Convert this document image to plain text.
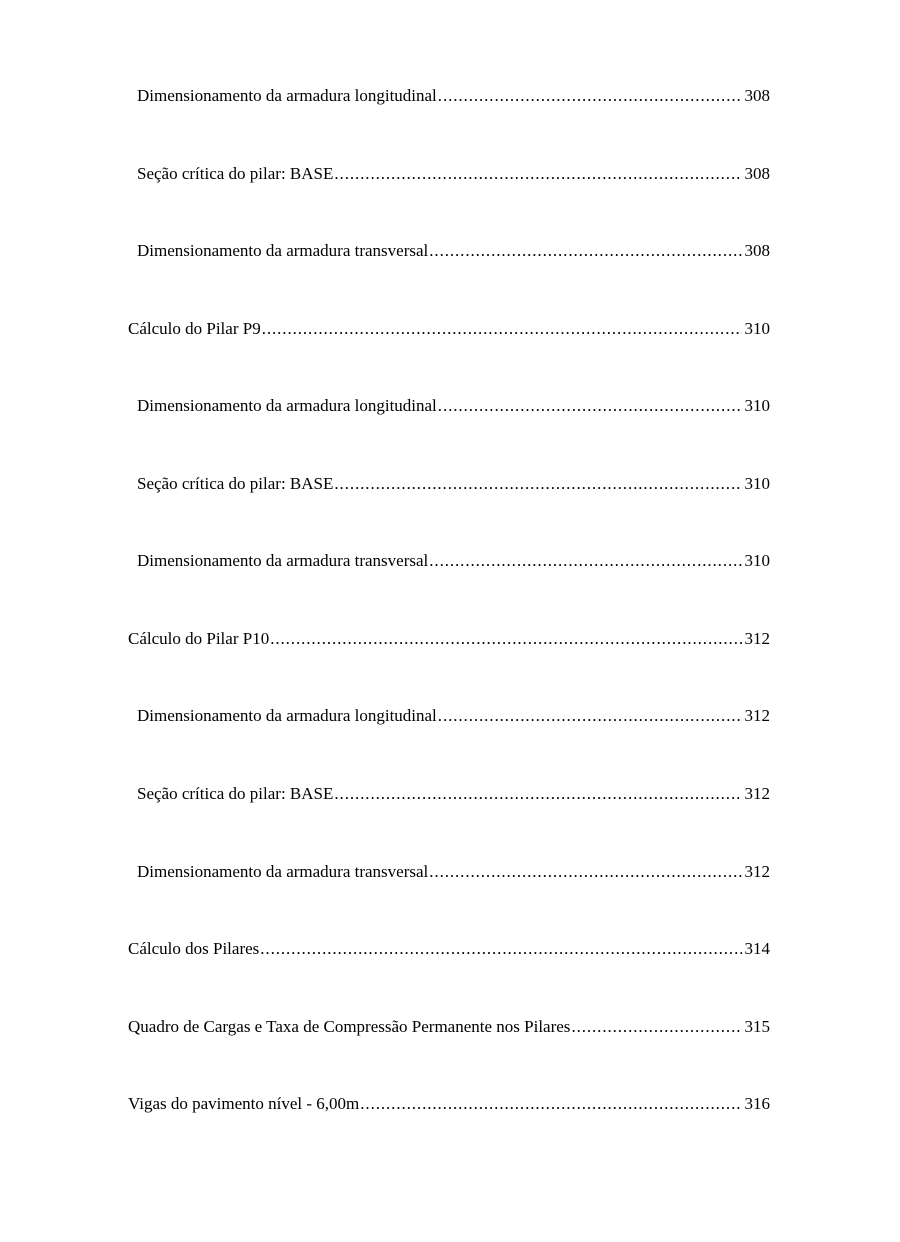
Dimensionamento da armadura longitudinal .....	308
Seção crítica do pilar: BASE .....	308
Dimensionamento da armadura transversal .....	308
Cálculo do Pilar P9 .....	310
Dimensionamento da armadura longitudinal .....	310
Seção crítica do pilar: BASE .....	310
Dimensionamento da armadura transversal .....	310
Cálculo do Pilar P10 .....	312
Dimensionamento da armadura longitudinal .....	312
Seção crítica do pilar: BASE .....	312
Dimensionamento da armadura transversal .....	312
Cálculo dos Pilares .....	314
Quadro de Cargas e Taxa de Compressão Permanente nos Pilares .....	315
Vigas do pavimento nível - 6,00m .....	316
